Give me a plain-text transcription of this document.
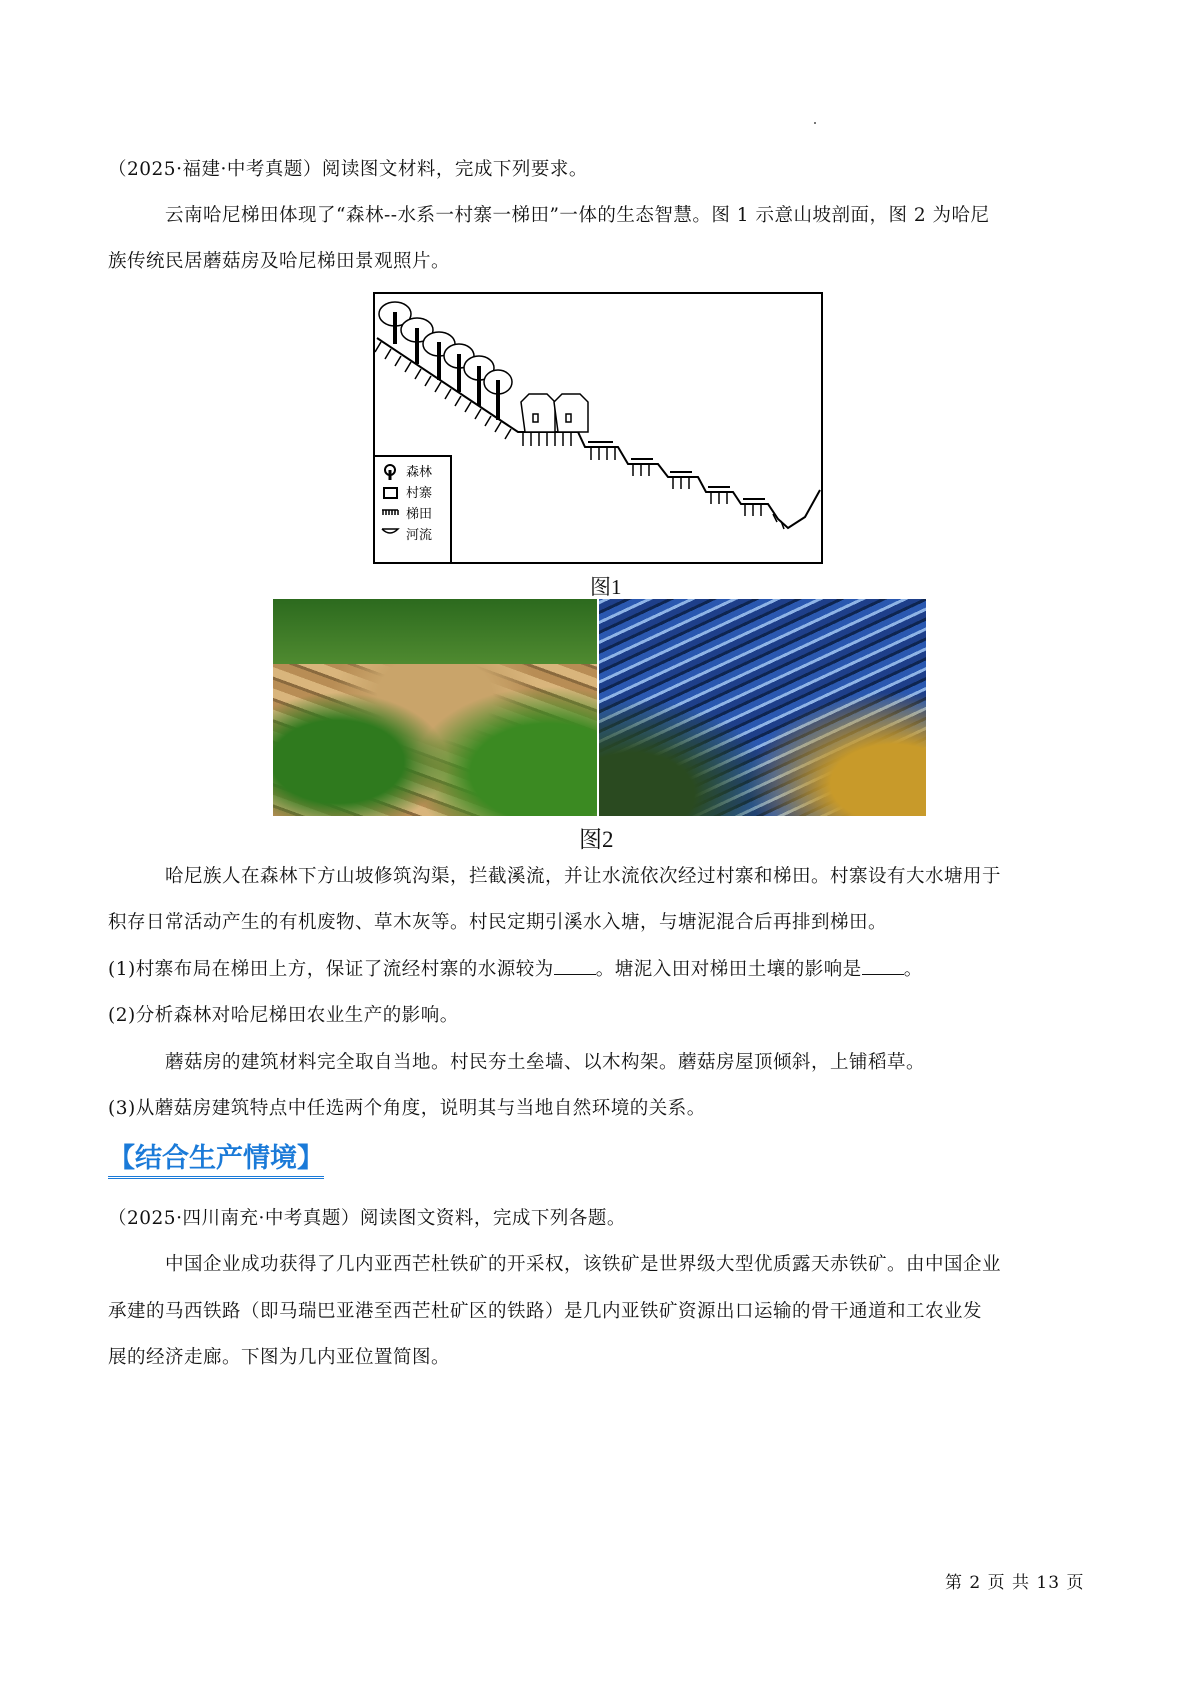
（2025·福建·中考真题）阅读图文材料，完成下列要求。
云南哈尼梯田体现了“森林--水系一村寨一梯田”一体的生态智慧。图 1 示意山坡剖面，图 2 为哈尼
族传统民居蘑菇房及哈尼梯田景观照片。
森林
村寨
梯田
河流
图1
图2
哈尼族人在森林下方山坡修筑沟渠，拦截溪流，并让水流依次经过村寨和梯田。村寨设有大水塘用于
积存日常活动产生的有机废物、草木灰等。村民定期引溪水入塘，与塘泥混合后再排到梯田。
(1)村寨布局在梯田上方，保证了流经村寨的水源较为 。塘泥入田对梯田土壤的影响是 。
(2)分析森林对哈尼梯田农业生产的影响。
蘑菇房的建筑材料完全取自当地。村民夯土垒墙、以木构架。蘑菇房屋顶倾斜，上铺稻草。
(3)从蘑菇房建筑特点中任选两个角度，说明其与当地自然环境的关系。
【结合生产情境】
（2025·四川南充·中考真题）阅读图文资料，完成下列各题。
中国企业成功获得了几内亚西芒杜铁矿的开采权，该铁矿是世界级大型优质露天赤铁矿。由中国企业
承建的马西铁路（即马瑞巴亚港至西芒杜矿区的铁路）是几内亚铁矿资源出口运输的骨干通道和工农业发
展的经济走廊。下图为几内亚位置简图。
第 2 页 共 13 页
